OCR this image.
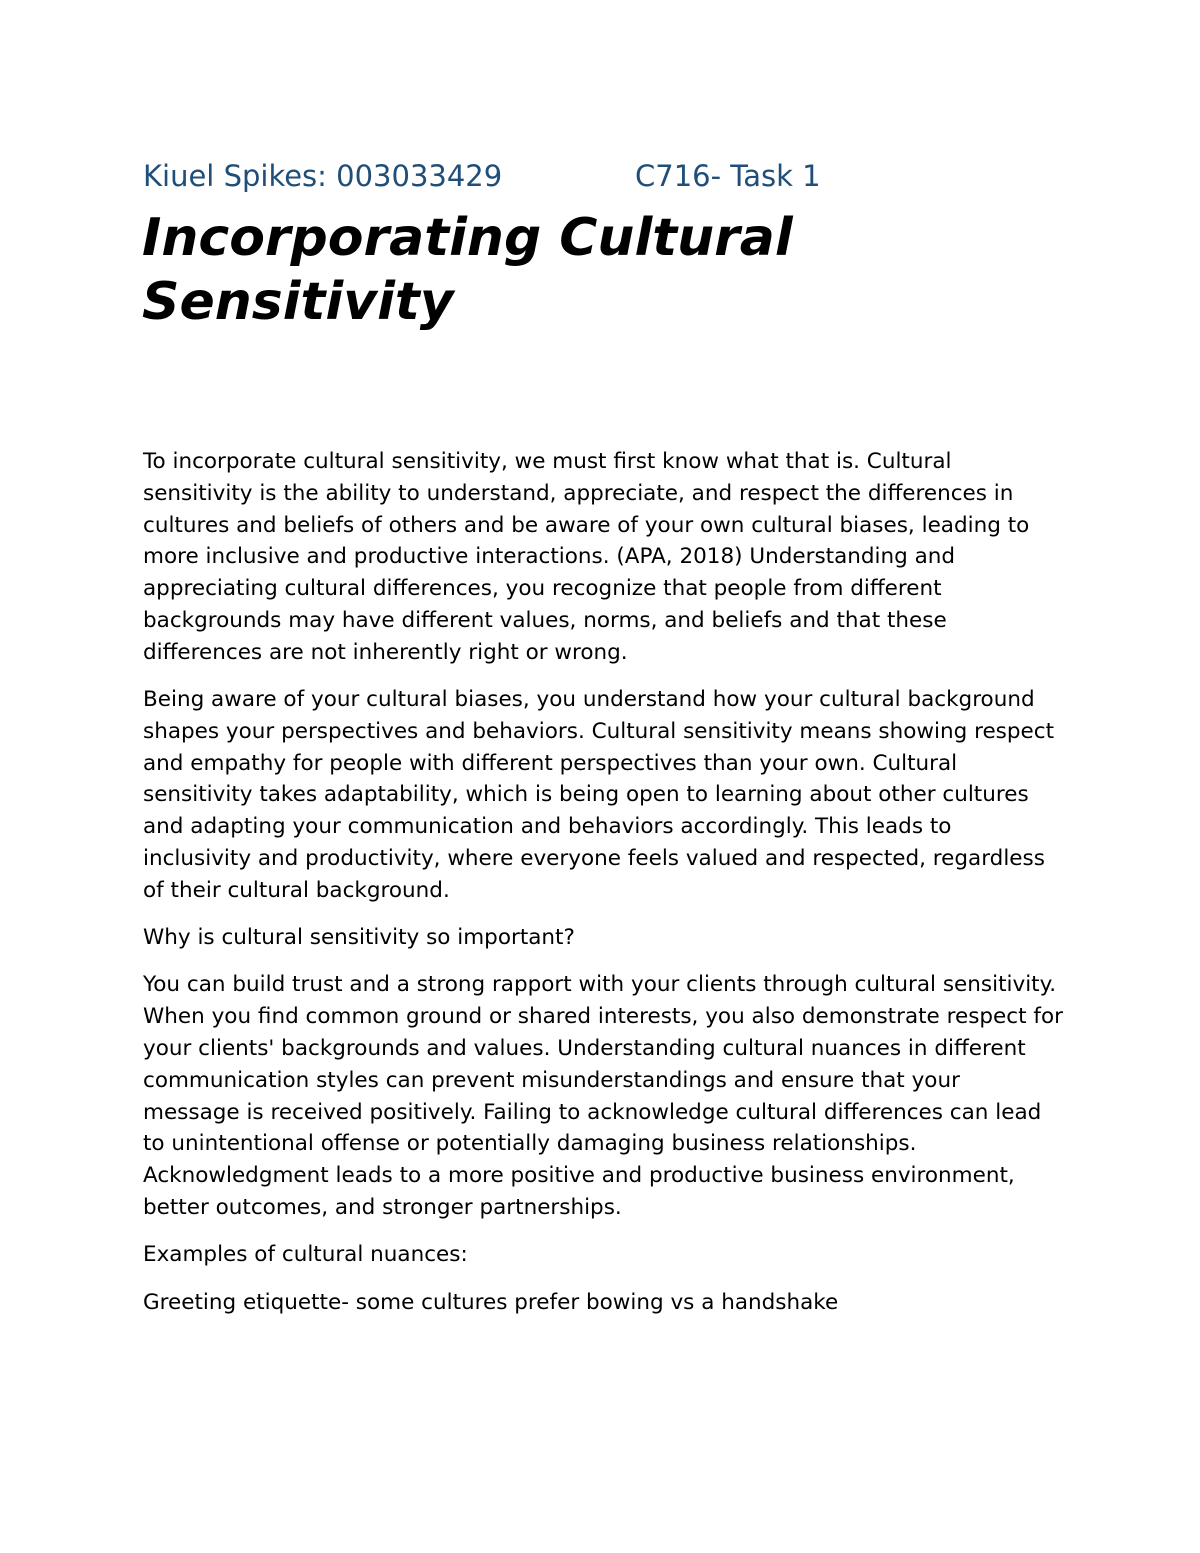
Kiuel Spikes: 003033429	C716- Task 1
Incorporating Cultural Sensitivity

To incorporate cultural sensitivity, we must first know what that is. Cultural sensitivity is the ability to understand, appreciate, and respect the differences in cultures and beliefs of others and be aware of your own cultural biases, leading to more inclusive and productive interactions. (APA, 2018) Understanding and appreciating cultural differences, you recognize that people from different backgrounds may have different values, norms, and beliefs and that these differences are not inherently right or wrong.

Being aware of your cultural biases, you understand how your cultural background shapes your perspectives and behaviors. Cultural sensitivity means showing respect and empathy for people with different perspectives than your own. Cultural sensitivity takes adaptability, which is being open to learning about other cultures and adapting your communication and behaviors accordingly. This leads to inclusivity and productivity, where everyone feels valued and respected, regardless of their cultural background.

Why is cultural sensitivity so important?

You can build trust and a strong rapport with your clients through cultural sensitivity. When you find common ground or shared interests, you also demonstrate respect for your clients' backgrounds and values. Understanding cultural nuances in different communication styles can prevent misunderstandings and ensure that your message is received positively. Failing to acknowledge cultural differences can lead to unintentional offense or potentially damaging business relationships. Acknowledgment leads to a more positive and productive business environment, better outcomes, and stronger partnerships.

Examples of cultural nuances:

Greeting etiquette- some cultures prefer bowing vs a handshake
